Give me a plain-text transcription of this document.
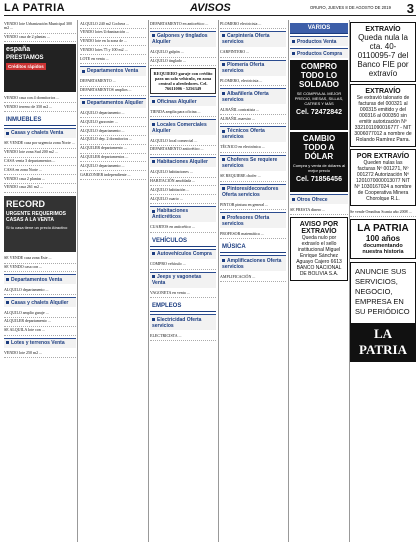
LA PATRIA	AVISOS	ORURO, JUEVES 8 DE AGOSTO DE 2019 3
VENDO lote Urbanización Municipal 300 m2 ...
VENDO casa de 2 plantas ...
españa
PRESTAMOS
Créditos rápidos
VENDO casa con 4 dormitorios ...
VENDO terreno de 350 m2 ...
INMUEBLES
Casas y chalets Venta
SE VENDE casa por urgencia zona Norte ...
VENDO lote zona Sud 200 m2 ...
CASA venta 3 departamentos ...
CASA en zona Norte ...
VENDO casa 2 plantas ...
VENDO casa 261 m2 ...
RECORD
URGENTE REQUERIMOS CASAS A LA VENTA
Si tu casa tiene un precio Atractivo
SE VENDE casa zona Este ...
SE VENDO casa con ...
Departamentos Venta
ALQUILO departamento ...
Casas y chalets Alquiler
ALQUILO amplio garaje ...
ALQUILER departamento ...
SE ALQUILA lote con ...
Lotes y terrenos Venta
VENDO lote 250 m2 ...
ALQUILO 240 m2 Cochera ...
VENDO lotes Urbanización ...
VENDO lote en la zona de ...
VENDO lotes 75 y 100 m2 ...
LOTE en venta ...
Departamentos Venta
DEPARTAMENTO ...
DEPARTAMENTOS amplios ...
Departamentos Alquiler
ALQUILO departamento ...
ALQUILO garzonier ...
ALQUILO departamento ...
ALQUILO dep. 2 dormitorios ...
ALQUILER departamento ...
ALQUILER departamentos ...
ALQUILO departamento ...
GARZONIER independiente ...
DEPARTAMENTO en anticrético ...
Galpones y tinglados Alquiler
ALQUILO galpón ...
ALQUILO tinglado ...
REQUIERO garaje con crédito para un solo vehículo, en zona central o alrededores. Cel. 76611006 - 5256349
Oficinas Alquiler
TIENDA amplia para oficina ...
Locales Comerciales Alquiler
ALQUILO local comercial ...
DEPARTAMENTO anticrético ...
Habitaciones Alquiler
ALQUILO habitaciones ...
HABITACIÓN amoblada ...
ALQUILO habitación ...
ALQUILO cuarto ...
Habitaciones Anticréticos
CUARTOS en anticrético ...
VEHÍCULOS
Autovehículos Compra
COMPRO vehículo ...
Jeeps y vagonetas Venta
VAGONETA en venta ...
EMPLEOS
Electricidad Oferta servicios
ELECTRICISTA ...
PLOMERO electricista ...
Carpintería Oferta servicios
CARPINTERO ...
Plomería Oferta servicios
PLOMERO, electricista ...
Albañilería Oferta servicios
ALBAÑIL contratista ...
ALBAÑIL maestro ...
Técnicos Oferta servicios
TÉCNICO en electrónica ...
Choferes Se requiere servicios
SE REQUIERE chofer ...
Pintores/decoradores Oferta servicios
PINTOR pintura en general ...
Profesores Oferta servicios
PROFESOR matemática ...
MÚSICA
Amplificaciones Oferta servicios
AMPLIFICACIÓN ...
VARIOS
Productos Venta
Productos Compra
COMPRO TODO LO SOLDADO
SE COMPRA AL MEJOR PRECIO, MESAS, SILLAS, CATRES Y MÁS
Cel. 72472842
CAMBIO TODO A DÓLAR
Compra y venta de dólares al mejor precio
Cel. 71856456
Otros Ofrece
SE PRESTA dinero ...
AVISO POR EXTRAVÍO
Queda nulo por extravío el sello institucional Miguel Enrique Sánchez Aguayo Cajero 6613 BANCO NACIONAL DE BOLIVIA S.A.
EXTRAVÍO
Queda nula la cta. 40-0110095-7 del Banco FIE por extravío
EXTRAVÍO
Se extravió talonario de facturas del 000321 al 000315 emitido y del 000316 al 000350 sin emitir autorización Nº 3321011090016777 - NIT 3006077012 a nombre de Rolando Ramírez Parra.
POR EXTRAVÍO
Queden nulas las facturas Nº 001271, Nº 001272 Autorización Nº 1201070000013077 NIT Nº 1030167024 a nombre de Cooperativa Minera Chorolque R.L.
Se vende Omnibus Scania año 2008 ...
LA PATRIA
100 años
documentando nuestra historia
ANUNCIE SUS SERVICIOS, NEGOCIO, EMPRESA EN SU PERIÓDICO
LA PATRIA
